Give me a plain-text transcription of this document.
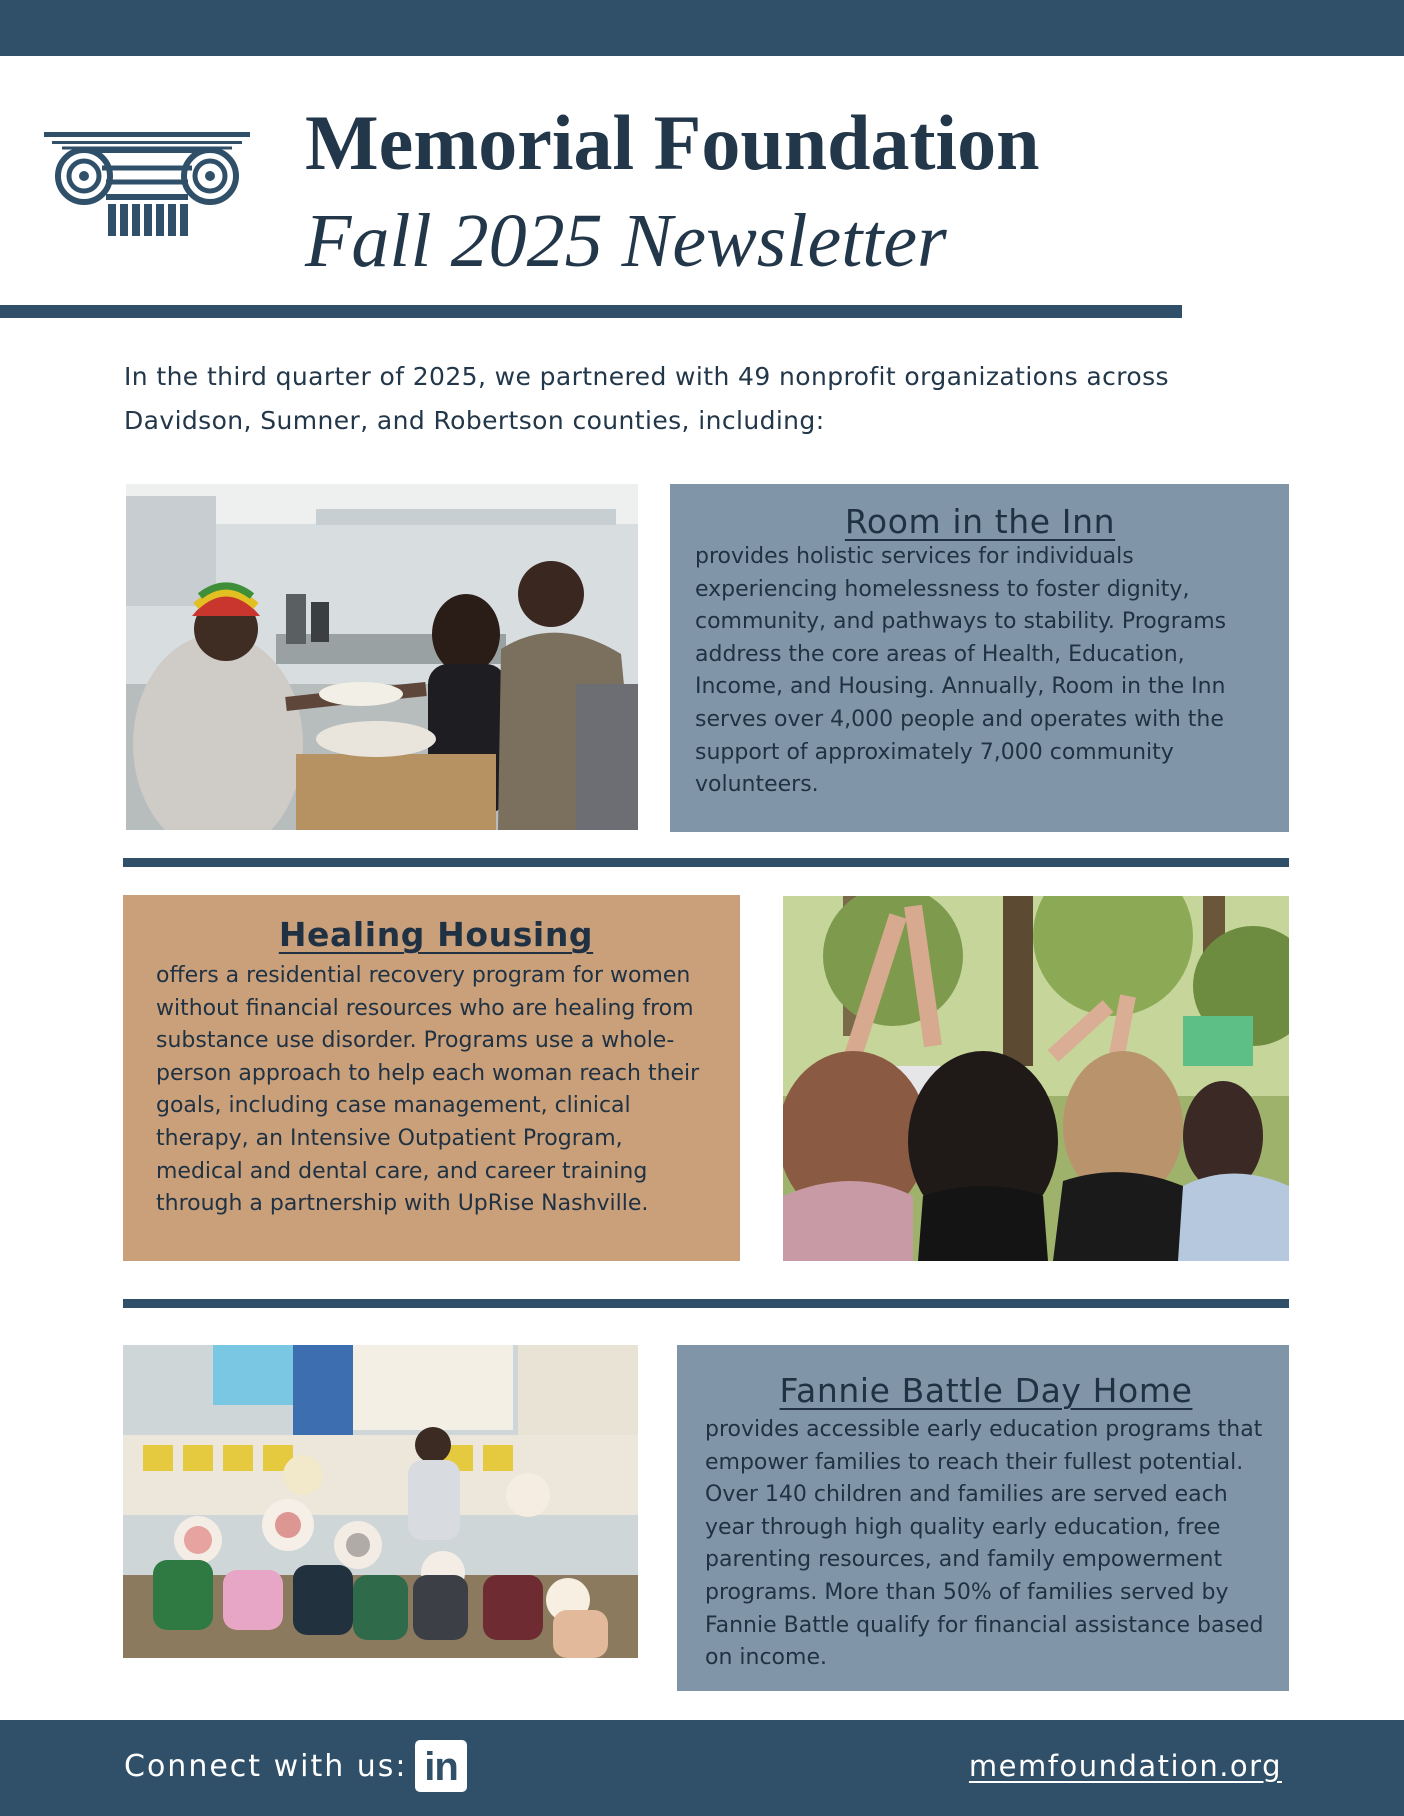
Memorial Foundation
Fall 2025 Newsletter
In the third quarter of 2025, we partnered with 49 nonprofit organizations across Davidson, Sumner, and Robertson counties, including:
Room in the Inn

provides holistic services for individuals experiencing homelessness to foster dignity, community, and pathways to stability. Programs address the core areas of Health, Education, Income, and Housing. Annually, Room in the Inn serves over 4,000 people and operates with the support of approximately 7,000 community volunteers.

Healing Housing

offers a residential recovery program for women without financial resources who are healing from substance use disorder. Programs use a whole-person approach to help each woman reach their goals, including case management, clinical therapy, an Intensive Outpatient Program, medical and dental care, and career training through a partnership with UpRise Nashville.

Fannie Battle Day Home

provides accessible early education programs that empower families to reach their fullest potential. Over 140 children and families are served each year through high quality early education, free parenting resources, and family empowerment programs. More than 50% of families served by Fannie Battle qualify for financial assistance based on income.

Connect with us: in	memfoundation.org
